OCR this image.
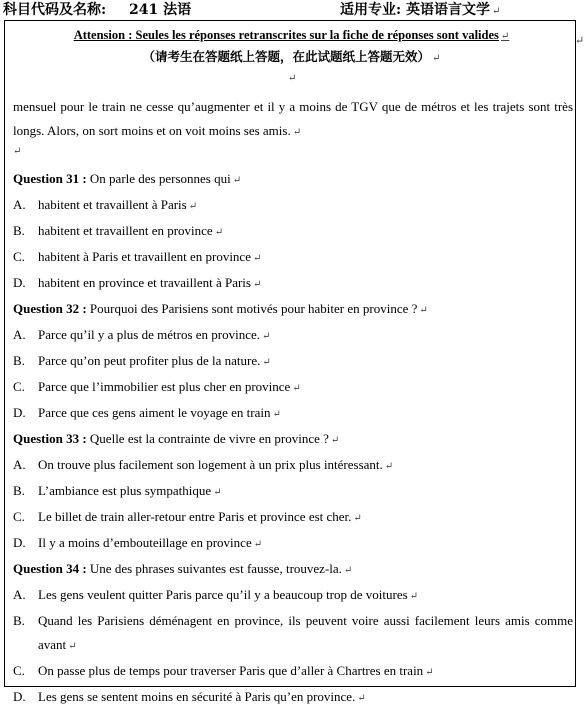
科目代码及名称: 241 法语	适用专业: 英语语言文学 ↵
↵
Attension : Seules les réponses retranscrites sur la fiche de réponses sont valides ↵
（请考生在答题纸上答题，在此试题纸上答题无效） ↵
↵
mensuel pour le train ne cesse qu’augmenter et il y a moins de TGV que de métros et les trajets sont très longs. Alors, on sort moins et on voit moins ses amis. ↵
↵
Question 31 : On parle des personnes qui ↵
A. habitent et travaillent à Paris ↵
B.	habitent et travaillent en province ↵
C.	habitent à Paris et travaillent en province ↵
D. habitent en province et travaillent à Paris ↵
Question 32 : Pourquoi des Parisiens sont motivés pour habiter en province ? ↵
A. Parce qu’il y a plus de métros en province. ↵
B.	Parce qu’on peut profiter plus de la nature. ↵
C.	Parce que l’immobilier est plus cher en province ↵
D. Parce que ces gens aiment le voyage en train ↵
Question 33 : Quelle est la contrainte de vivre en province ? ↵
A. On trouve plus facilement son logement à un prix plus intéressant. ↵
B.	L’ambiance est plus sympathique ↵
C.	Le billet de train aller-retour entre Paris et province est cher. ↵
D. Il y a moins d’embouteillage en province ↵
Question 34 : Une des phrases suivantes est fausse, trouvez-la. ↵
A. Les gens veulent quitter Paris parce qu’il y a beaucoup trop de voitures ↵
B.	Quand les Parisiens déménagent en province, ils peuvent voire aussi facilement leurs amis comme avant ↵
C.	On passe plus de temps pour traverser Paris que d’aller à Chartres en train ↵
D. Les gens se sentent moins en sécurité à Paris qu’en province. ↵
